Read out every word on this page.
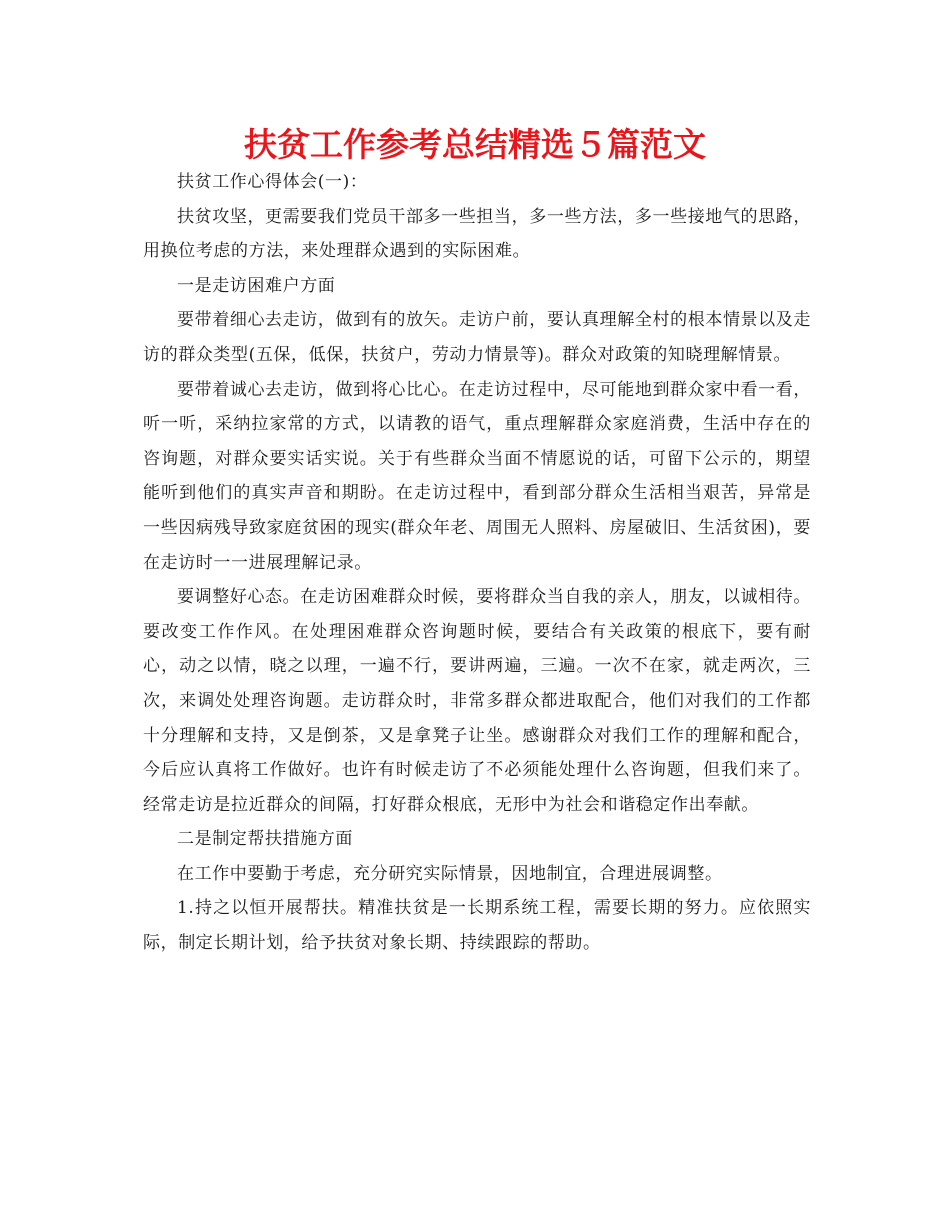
扶贫工作参考总结精选５篇范文

扶贫工作心得体会(一)：

扶贫攻坚，更需要我们党员干部多一些担当，多一些方法，多一些接地气的思路，用换位考虑的方法，来处理群众遇到的实际困难。

一是走访困难户方面

要带着细心去走访，做到有的放矢。走访户前，要认真理解全村的根本情景以及走访的群众类型(五保，低保，扶贫户，劳动力情景等)。群众对政策的知晓理解情景。

要带着诚心去走访，做到将心比心。在走访过程中，尽可能地到群众家中看一看，听一听，采纳拉家常的方式，以请教的语气，重点理解群众家庭消费，生活中存在的咨询题，对群众要实话实说。关于有些群众当面不情愿说的话，可留下公示的，期望能听到他们的真实声音和期盼。在走访过程中，看到部分群众生活相当艰苦，异常是一些因病残导致家庭贫困的现实(群众年老、周围无人照料、房屋破旧、生活贫困)，要在走访时一一进展理解记录。

要调整好心态。在走访困难群众时候，要将群众当自我的亲人，朋友，以诚相待。要改变工作作风。在处理困难群众咨询题时候，要结合有关政策的根底下，要有耐心，动之以情，晓之以理，一遍不行，要讲两遍，三遍。一次不在家，就走两次，三次，来调处处理咨询题。走访群众时，非常多群众都进取配合，他们对我们的工作都十分理解和支持，又是倒茶，又是拿凳子让坐。感谢群众对我们工作的理解和配合，今后应认真将工作做好。也许有时候走访了不必须能处理什么咨询题，但我们来了。经常走访是拉近群众的间隔，打好群众根底，无形中为社会和谐稳定作出奉献。

二是制定帮扶措施方面

在工作中要勤于考虑，充分研究实际情景，因地制宜，合理进展调整。

1.持之以恒开展帮扶。精准扶贫是一长期系统工程，需要长期的努力。应依照实际，制定长期计划，给予扶贫对象长期、持续跟踪的帮助。
